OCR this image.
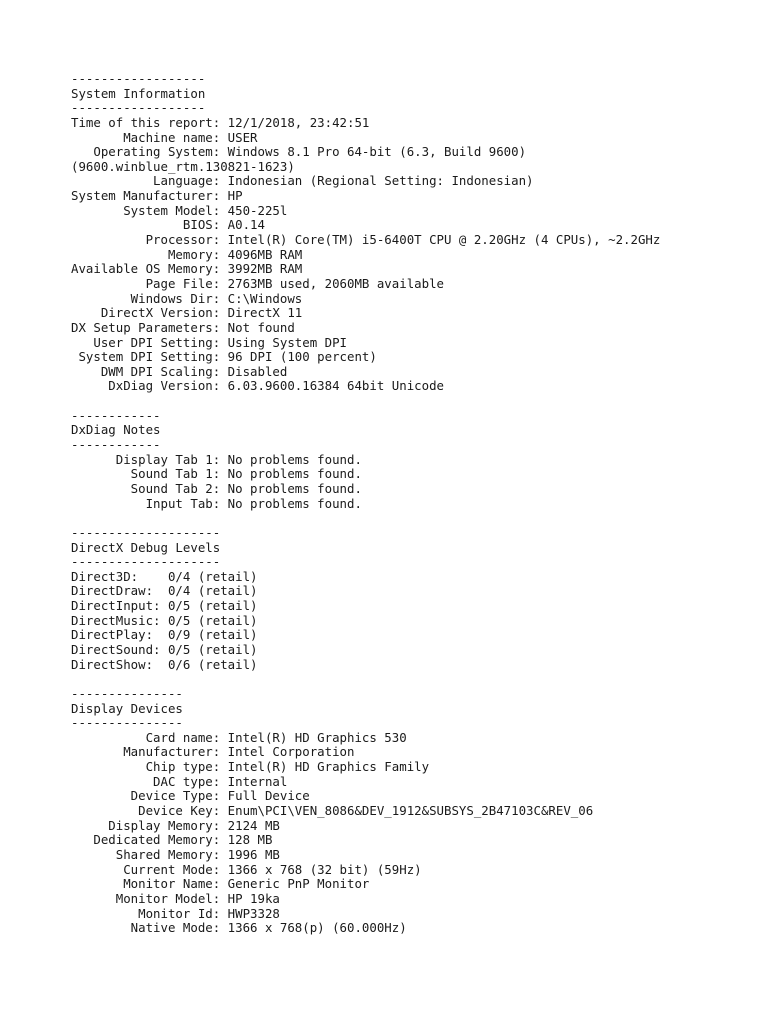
------------------
System Information
------------------
Time of this report: 12/1/2018, 23:42:51
Machine name: USER
Operating System: Windows 8.1 Pro 64-bit (6.3, Build 9600)
(9600.winblue_rtm.130821-1623)
Language: Indonesian (Regional Setting: Indonesian)
System Manufacturer: HP
System Model: 450-225l
BIOS: A0.14
Processor: Intel(R) Core(TM) i5-6400T CPU @ 2.20GHz (4 CPUs), ~2.2GHz
Memory: 4096MB RAM
Available OS Memory: 3992MB RAM
Page File: 2763MB used, 2060MB available
Windows Dir: C:\Windows
DirectX Version: DirectX 11
DX Setup Parameters: Not found
User DPI Setting: Using System DPI
System DPI Setting: 96 DPI (100 percent)
DWM DPI Scaling: Disabled
DxDiag Version: 6.03.9600.16384 64bit Unicode

------------
DxDiag Notes
------------
Display Tab 1: No problems found.
Sound Tab 1: No problems found.
Sound Tab 2: No problems found.
Input Tab: No problems found.

--------------------
DirectX Debug Levels
--------------------
Direct3D:    0/4 (retail)
DirectDraw:  0/4 (retail)
DirectInput: 0/5 (retail)
DirectMusic: 0/5 (retail)
DirectPlay:  0/9 (retail)
DirectSound: 0/5 (retail)
DirectShow:  0/6 (retail)

---------------
Display Devices
---------------
Card name: Intel(R) HD Graphics 530
Manufacturer: Intel Corporation
Chip type: Intel(R) HD Graphics Family
DAC type: Internal
Device Type: Full Device
Device Key: Enum\PCI\VEN_8086&DEV_1912&SUBSYS_2B47103C&REV_06
Display Memory: 2124 MB
Dedicated Memory: 128 MB
Shared Memory: 1996 MB
Current Mode: 1366 x 768 (32 bit) (59Hz)
Monitor Name: Generic PnP Monitor
Monitor Model: HP 19ka
Monitor Id: HWP3328
Native Mode: 1366 x 768(p) (60.000Hz)
